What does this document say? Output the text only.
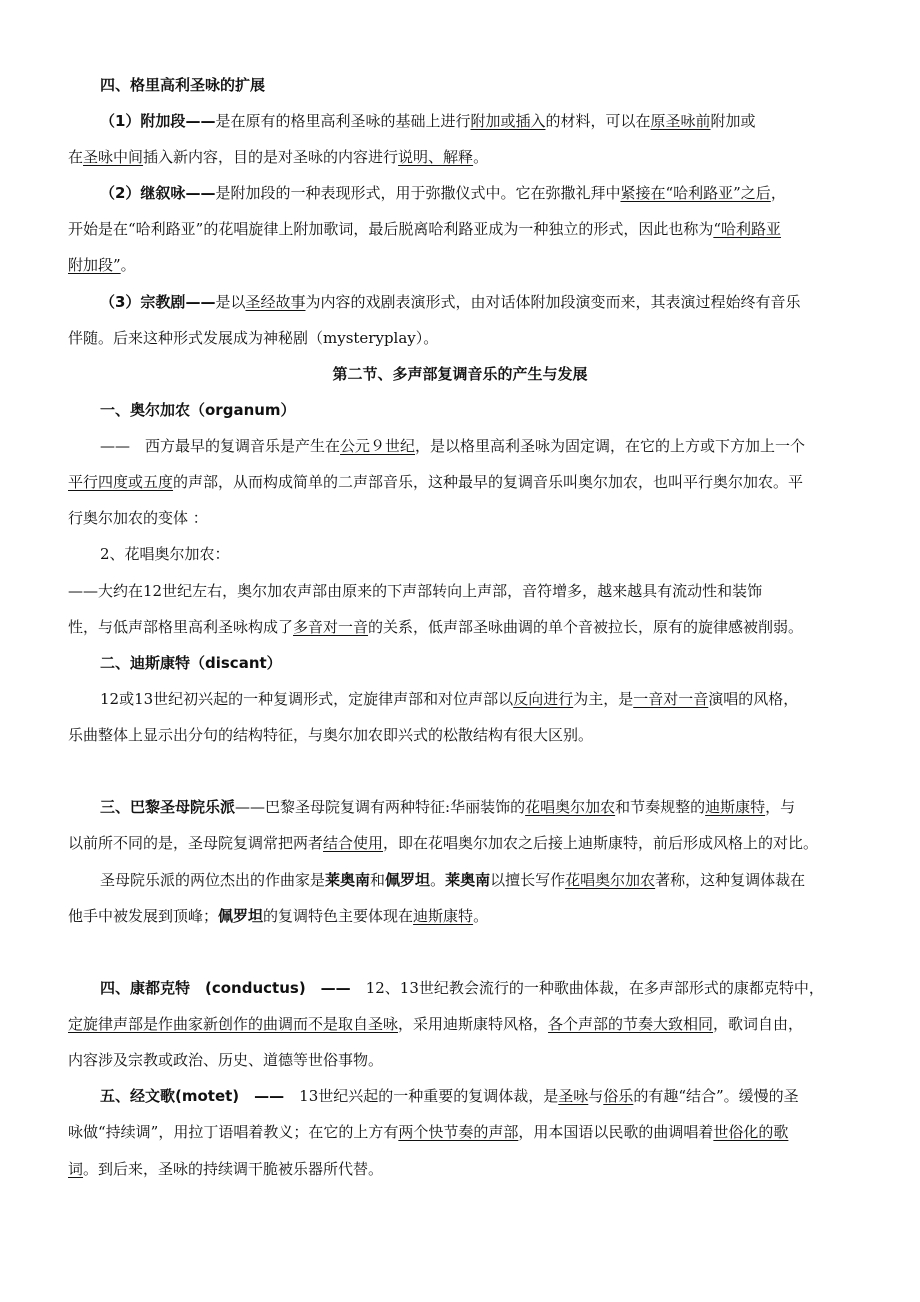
四、格里高利圣咏的扩展
（1）附加段——是在原有的格里高利圣咏的基础上进行附加或插入的材料，可以在原圣咏前附加或
在圣咏中间插入新内容，目的是对圣咏的内容进行说明、解释。
（2）继叙咏——是附加段的一种表现形式，用于弥撒仪式中。它在弥撒礼拜中紧接在“哈利路亚”之后，
开始是在“哈利路亚”的花唱旋律上附加歌词，最后脱离哈利路亚成为一种独立的形式，因此也称为“哈利路亚
附加段”。
（3）宗教剧——是以圣经故事为内容的戏剧表演形式，由对话体附加段演变而来，其表演过程始终有音乐
伴随。后来这种形式发展成为神秘剧（mysteryplay）。
第二节、多声部复调音乐的产生与发展
一、奥尔加农（organum）
——　西方最早的复调音乐是产生在公元９世纪，是以格里高利圣咏为固定调，在它的上方或下方加上一个
平行四度或五度的声部，从而构成简单的二声部音乐，这种最早的复调音乐叫奥尔加农，也叫平行奥尔加农。平
行奥尔加农的变体 ：
2、花唱奥尔加农：
——大约在12世纪左右，奥尔加农声部由原来的下声部转向上声部，音符增多，越来越具有流动性和装饰
性，与低声部格里高利圣咏构成了多音对一音的关系，低声部圣咏曲调的单个音被拉长，原有的旋律感被削弱。
二、迪斯康特（discant）
12或13世纪初兴起的一种复调形式，定旋律声部和对位声部以反向进行为主，是一音对一音演唱的风格，
乐曲整体上显示出分句的结构特征，与奥尔加农即兴式的松散结构有很大区别。
三、巴黎圣母院乐派——巴黎圣母院复调有两种特征:华丽装饰的花唱奥尔加农和节奏规整的迪斯康特，与
以前所不同的是，圣母院复调常把两者结合使用，即在花唱奥尔加农之后接上迪斯康特，前后形成风格上的对比。
圣母院乐派的两位杰出的作曲家是莱奥南和佩罗坦。莱奥南以擅长写作花唱奥尔加农著称，这种复调体裁在
他手中被发展到顶峰；佩罗坦的复调特色主要体现在迪斯康特。
四、康都克特　(conductus)　——　12、13世纪教会流行的一种歌曲体裁，在多声部形式的康都克特中，
定旋律声部是作曲家新创作的曲调而不是取自圣咏，采用迪斯康特风格，各个声部的节奏大致相同，歌词自由，
内容涉及宗教或政治、历史、道德等世俗事物。
五、经文歌(motet)　——　13世纪兴起的一种重要的复调体裁，是圣咏与俗乐的有趣“结合”。缓慢的圣
咏做“持续调”，用拉丁语唱着教义；在它的上方有两个快节奏的声部，用本国语以民歌的曲调唱着世俗化的歌
词。到后来，圣咏的持续调干脆被乐器所代替。
